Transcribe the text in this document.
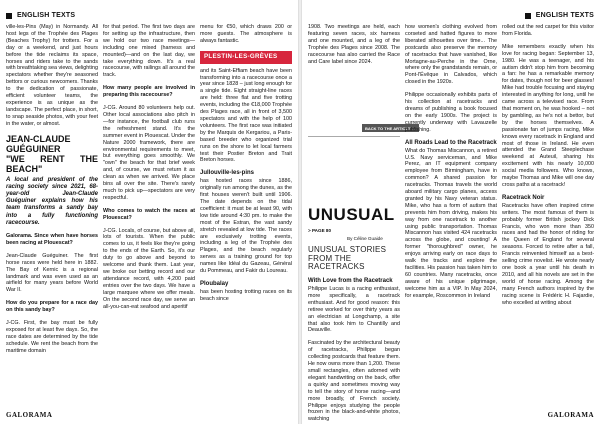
ENGLISH TEXTS

ville-les-Pins (May) in Normandy. All host legs of the Trophée des Plages (Beaches Trophy) for trotters. For a day or a weekend, and just hours before the tide reclaims its space, horses and riders take to the sands with breathtaking sea views, delighting spectators whether they're seasoned bettors or curious newcomers. Thanks to the dedication of passionate, efficient volunteer teams, the experience is as unique as the landscape. The perfect place, in short, to snap seaside photos, with your feet in the water, or almost.

JEAN-CLAUDE GUÉGUINER
"WE RENT THE BEACH"

A local and president of the racing society since 2021, 68-year-old Jean-Claude Guéguiner explains how his team transforms a sandy bay into a fully functioning racecourse.

Galorama. Since when have horses been racing at Plouescat?

Jean-Claude Guéguiner. The first horse races were held here in 1882. The Bay of Kernic is a regional landmark and was even used as an airfield for many years before World War II.

How do you prepare for a race day on this sandy bay?

J-CG. First, the bay must be fully exposed for at least five days. So, the race dates are determined by the tide schedule. We rent the beach from the maritime domain

for that period. The first two days are for setting up the infrastructure, then we hold our two race meetings—including one mixed (harness and mounted)—and on the last day, we take everything down. It's a real racecourse, with railings all around the track.

How many people are involved in preparing this racecourse?

J-CG. Around 80 volunteers help out. Other local associations also pitch in—for instance, the football club runs the refreshment stand. It's the summer event in Plouescat. Under the Nature 2000 framework, there are environmental requirements to meet, but everything goes smoothly. We "own" the beach for that brief week and, of course, we must return it as clean as when we arrived. We place bins all over the site. There's rarely much to pick up—spectators are very respectful.

Who comes to watch the races at Plouescat?

J-CG. Locals, of course, but above all, lots of tourists. When the public comes to us, it feels like they're going to the ends of the Earth. So, it's our duty to go above and beyond to welcome and thank them. Last year, we broke our betting record and our attendance record, with 4,200 paid entries over the two days. We have a large marquee where we offer meals. On the second race day, we serve an all-you-can-eat seafood and aperitif

menu for €50, which draws 200 or more guests. The atmosphere is always fantastic.

PLESTIN-LES-GRÈVES

and its Saint-Effiam beach have been transforming into a racecourse once a year since 1828 – just long enough for a single tide. Eight straight-line races are held: three flat and five trotting events, including the €18,000 Trophée des Plages race, all in front of 3,500 spectators and with the help of 100 volunteers. The first race was initiated by the Marquis de Kergariou, a Paris-based breeder who organized trial runs on the shore to let local farmers test their Postier Breton and Trait Breton horses.

Jullouville-les-pins

has hosted races since 1886, originally run among the dunes, as the first houses weren't built until 1906. The date depends on the tidal coefficient: it must be at least 90, with low tide around 4:30 pm. to make the most of the Estran, the vast sandy stretch revealed at low tide. The races are exclusively trotting events, including a leg of the Trophée des Plages, and the beach regularly serves as a training ground for top names like Idéal du Gazeau, Général du Pommeau, and Fakir du Loureau.

Ploubalay

has been hosting trotting races on its beach since

GALORAMA
ENGLISH TEXTS

1908. Two meetings are held, each featuring seven races, six harness and one mounted, and a leg of the Trophée des Plages since 2008. The racecourse has also carried the Race and Care label since 2024.

BACK TO THE ARTICLE →
UNUSUAL
> PAGE 80
By Céline Guaide
UNUSUAL STORIES FROM THE RACETRACKS
With Love from the Racetrack

Philippe Lucas is a racing enthusiast, more specifically, a racetrack enthusiast. And for good reason: this retiree worked for over thirty years as an electrician at Longchamp, a site that also took him to Chantilly and Deauville.

Fascinated by the architectural beauty of racetracks, Philippe began collecting postcards that feature them. He now owns more than 1,200. These small rectangles, often adorned with elegant handwriting on the back, offer a quirky and sometimes moving way to tell the story of horse racing—and more broadly, of French society. Philippe enjoys studying the people frozen in the black-and-white photos, watching

how women's clothing evolved from corseted and hatted figures to more liberated silhouettes over time... The postcards also preserve the memory of racetracks that have vanished, like Mortagne-au-Perche in the Orne, where only the grandstands remain, or Pont-l'Évêque in Calvados, which closed in the 1920s.

Philippe occasionally exhibits parts of his collection at racetracks and dreams of publishing a book focused on the early 1900s. The project is currently underway with Lavauzelle publishing.

All Roads Lead to the Racetrack

What do Thomas Miscannon, a retired U.S. Navy serviceman, and Mike Perez, an IT equipment company employee from Birmingham, have in common? A shared passion for racetracks. Thomas travels the world aboard military cargo planes, access granted by his Navy veteran status. Mike, who has a form of autism that prevents him from driving, makes his way from one racetrack to another using public transportation. Thomas Miscannon has visited 424 racetracks across the globe, and counting! A former "thoroughbred" owner, he enjoys arriving early on race days to walk the tracks and explore the facilities. His passion has taken him to 60 countries. Many racetracks, once aware of his unique pilgrimage, welcome him as a VIP. In May 2024, for example, Roscommon in Ireland

rolled out the red carpet for this visitor from Florida.

Mike remembers exactly when his love for racing began: September 13, 1980. He was a teenager, and his autism didn't stop him from becoming a fan: he has a remarkable memory for dates, though not for beer glasses! Mike had trouble focusing and staying interested in anything for long, until he came across a televised race. From that moment on, he was hooked – not by gambling, as he's not a bettor, but by the horses themselves. A passionate fan of jumps racing, Mike knows every racetrack in England and most of those in Ireland. He even attended the Grand Steeplechase weekend at Auteuil, sharing his excitement with his nearly 10,000 social media followers. Who knows, maybe Thomas and Mike will one day cross paths at a racetrack!

Racetrack Noir

Racetracks have often inspired crime writers. The most famous of them is probably former British jockey Dick Francis, who won more than 350 races and had the honor of riding for the Queen of England for several seasons. Forced to retire after a fall, Francis reinvented himself as a best-selling crime novelist. He wrote nearly one book a year until his death in 2010, and all his novels are set in the world of horse racing. Among the many French authors inspired by the racing scene is Frédéric H. Fajardie, who excelled at writing about

GALORAMA
